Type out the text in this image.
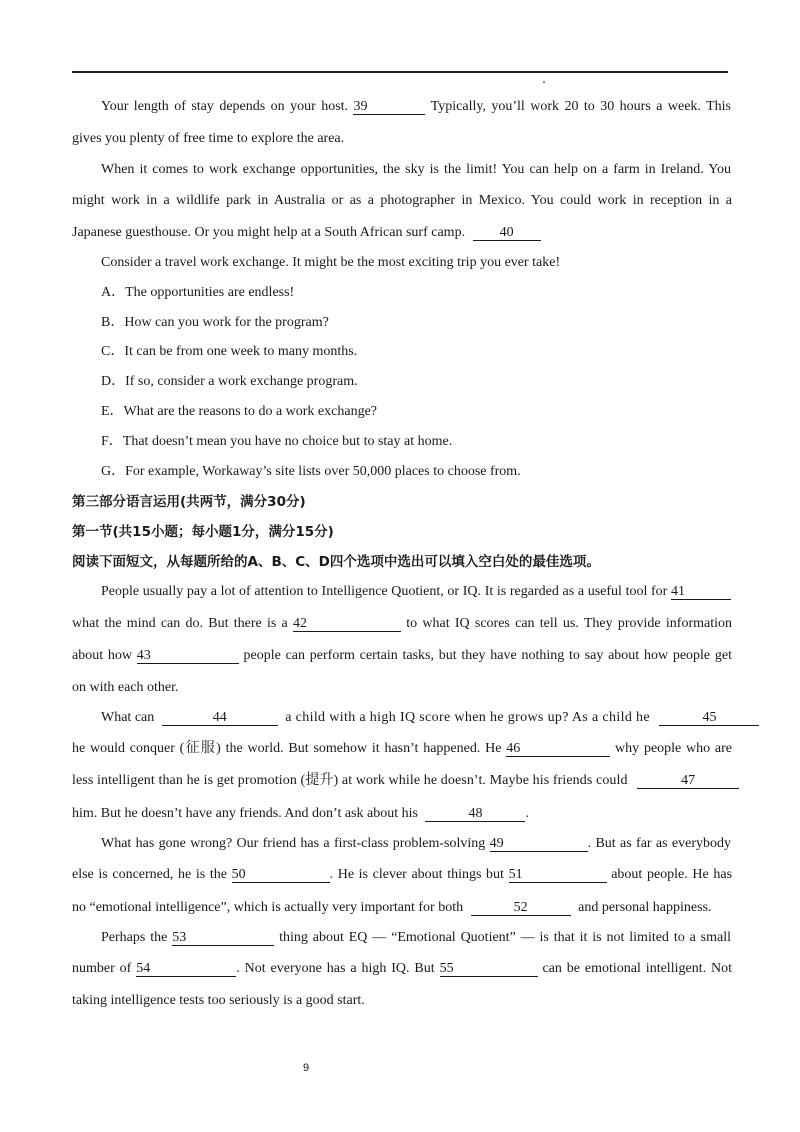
Your length of stay depends on your host. 39	Typically, you’ll work 20 to 30 hours a week. This
gives you plenty of free time to explore the area.
When it comes to work exchange opportunities, the sky is the limit! You can help on a farm in Ireland. You
might work in a wildlife park in Australia or as a photographer in Mexico. You could work in reception in a
Japanese guesthouse. Or you might help at a South African surf camp. 40
Consider a travel work exchange. It might be the most exciting trip you ever take!
A．The opportunities are endless!
B．How can you work for the program?
C．It can be from one week to many months.
D．If so, consider a work exchange program.
E．What are the reasons to do a work exchange?
F．That doesn’t mean you have no choice but to stay at home.
G．For example, Workaway’s site lists over 50,000 places to choose from.
第三部分语言运用(共两节，满分30分)
第一节(共15小题；每小题1分，满分15分)
阅读下面短文，从每题所给的A、B、C、D四个选项中选出可以填入空白处的最佳选项。
People usually pay a lot of attention to Intelligence Quotient, or IQ. It is regarded as a useful tool for 41
what the mind can do. But there is a 42	to what IQ scores can tell us. They provide information
about how 43	people can perform certain tasks, but they have nothing to say about how people get
on with each other.
What can	44	a child with a high IQ score when he grows up? As a child he	45
he would conquer (征服) the world. But somehow it hasn’t happened. He 46	why people who are
less intelligent than he is get promotion (提升) at work while he doesn’t. Maybe his friends could	47
him. But he doesn’t have any friends. And don’t ask about his	48	.
What has gone wrong? Our friend has a first-class problem-solving 49	. But as far as everybody
else is concerned, he is the 50	. He is clever about things but 51	about people. He has
no “emotional intelligence”, which is actually very important for both	52	and personal happiness.
Perhaps the 53	thing about EQ — “Emotional Quotient” — is that it is not limited to a small
number of 54	. Not everyone has a high IQ. But 55	can be emotional intelligent. Not
taking intelligence tests too seriously is a good start.
9
